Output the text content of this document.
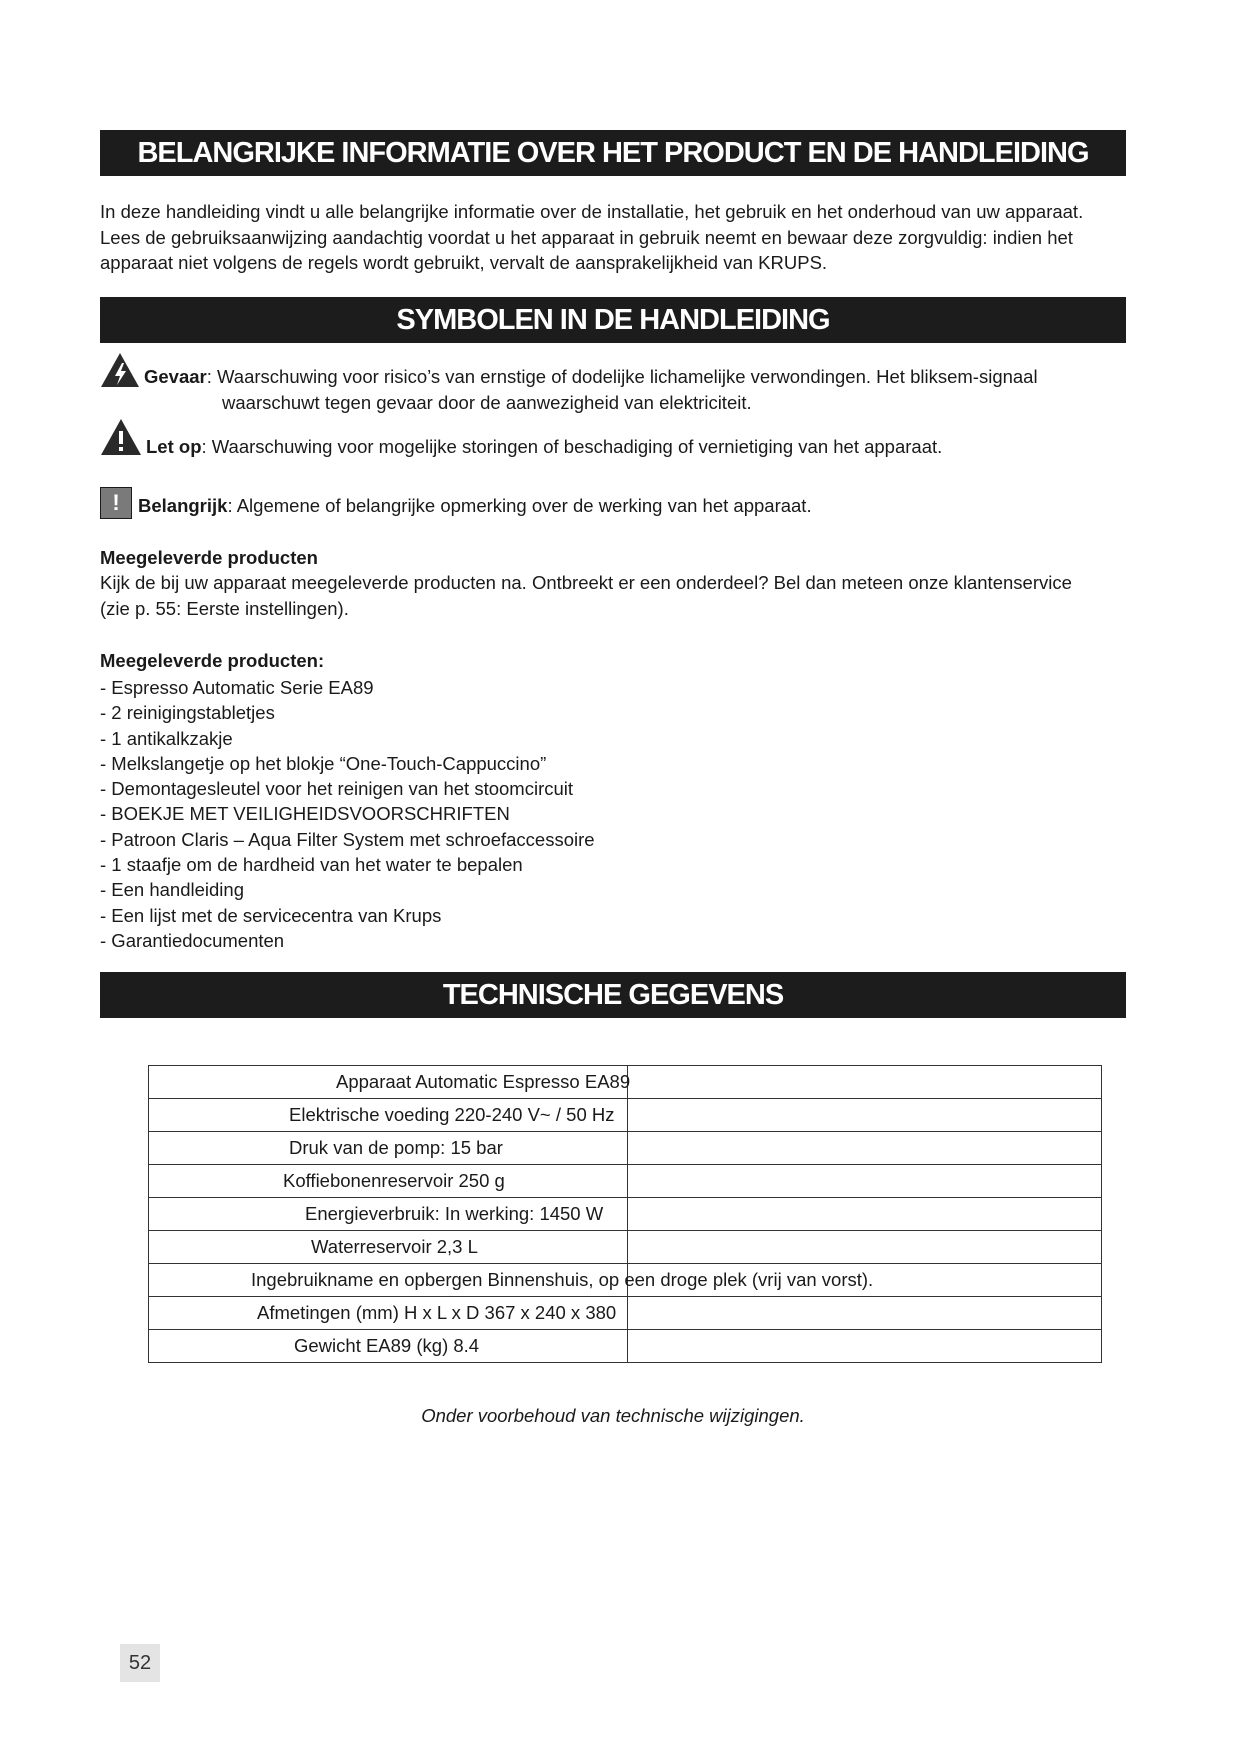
BELANGRIJKE INFORMATIE OVER HET PRODUCT EN DE HANDLEIDING
In deze handleiding vindt u alle belangrijke informatie over de installatie, het gebruik en het onderhoud van uw apparaat.
Lees de gebruiksaanwijzing aandachtig voordat u het apparaat in gebruik neemt en bewaar deze zorgvuldig: indien het
apparaat niet volgens de regels wordt gebruikt, vervalt de aansprakelijkheid van KRUPS.
SYMBOLEN IN DE HANDLEIDING
Gevaar: Waarschuwing voor risico’s van ernstige of dodelijke lichamelijke verwondingen. Het bliksem-signaal
waarschuwt tegen gevaar door de aanwezigheid van elektriciteit.
Let op: Waarschuwing voor mogelijke storingen of beschadiging of vernietiging van het apparaat.
! Belangrijk: Algemene of belangrijke opmerking over de werking van het apparaat.
Meegeleverde producten
Kijk de bij uw apparaat meegeleverde producten na. Ontbreekt er een onderdeel? Bel dan meteen onze klantenservice
(zie p. 55: Eerste instellingen).
Meegeleverde producten:
- Espresso Automatic Serie EA89
- 2 reinigingstabletjes
- 1 antikalkzakje
- Melkslangetje op het blokje “One-Touch-Cappuccino”
- Demontagesleutel voor het reinigen van het stoomcircuit
- BOEKJE MET VEILIGHEIDSVOORSCHRIFTEN
- Patroon Claris – Aqua Filter System met schroefaccessoire
- 1 staafje om de hardheid van het water te bepalen
- Een handleiding
- Een lijst met de servicecentra van Krups
- Garantiedocumenten
TECHNISCHE GEGEVENS
Apparaat Automatic Espresso EA89	

Elektrische voeding 220-240 V~ / 50 Hz	

Druk van de pomp: 15 bar	

Koffiebonenreservoir 250 g	

Energieverbruik: In werking: 1450 W	

Waterreservoir 2,3 L	

Ingebruikname en opbergen Binnenshuis, op een droge plek (vrij van vorst).	

Afmetingen (mm) H x L x D 367 x 240 x 380	

Gewicht EA89 (kg) 8.4	

Onder voorbehoud van technische wijzigingen.
52
